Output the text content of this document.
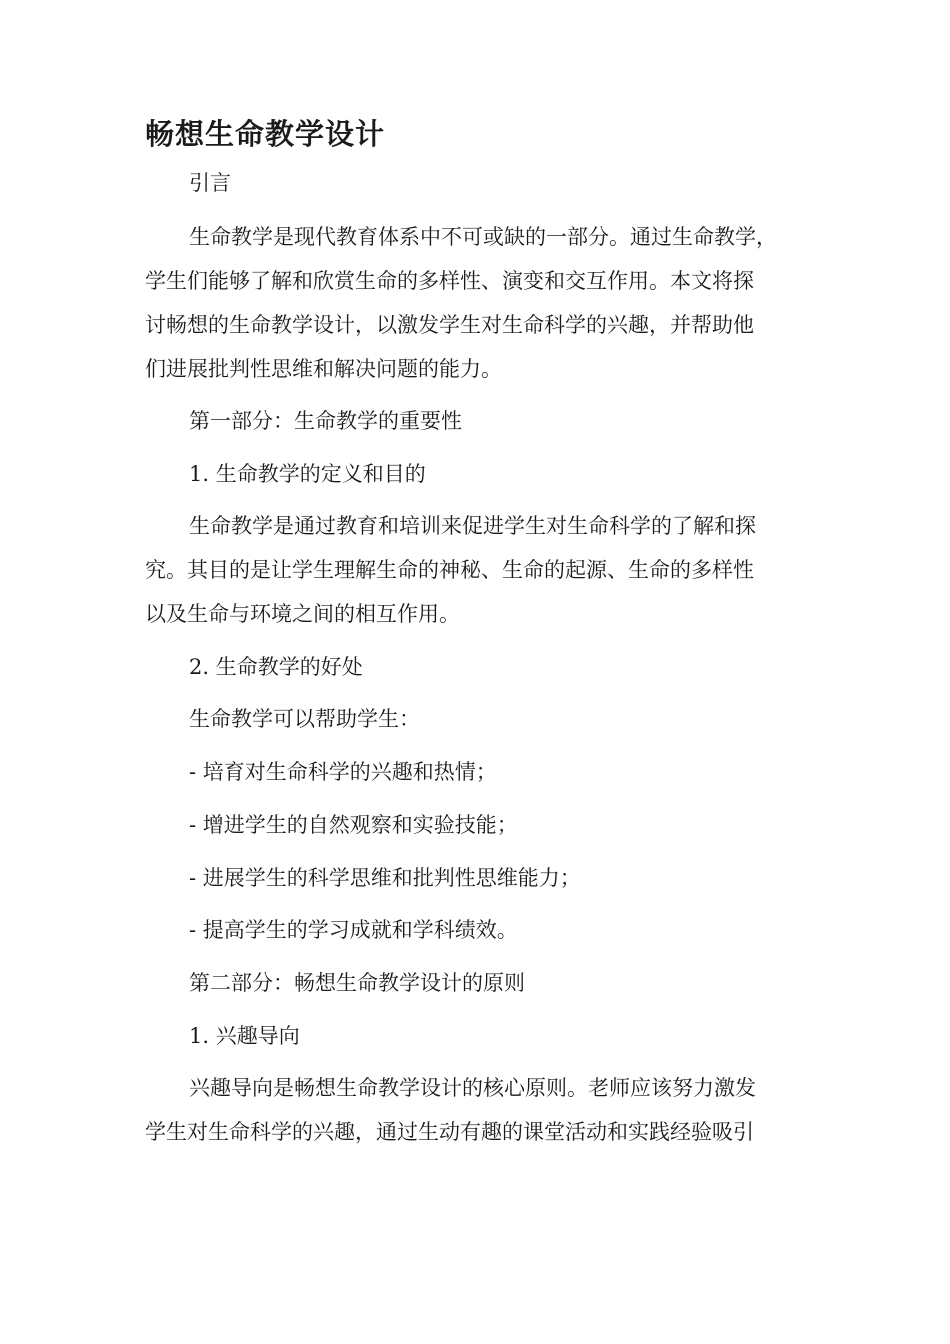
畅想生命教学设计
引言
生命教学是现代教育体系中不可或缺的一部分。通过生命教学，
学生们能够了解和欣赏生命的多样性、演变和交互作用。本文将探
讨畅想的生命教学设计，以激发学生对生命科学的兴趣，并帮助他
们进展批判性思维和解决问题的能力。
第一部分：生命教学的重要性
1. 生命教学的定义和目的
生命教学是通过教育和培训来促进学生对生命科学的了解和探
究。其目的是让学生理解生命的神秘、生命的起源、生命的多样性
以及生命与环境之间的相互作用。
2. 生命教学的好处
生命教学可以帮助学生：
- 培育对生命科学的兴趣和热情；
- 增进学生的自然观察和实验技能；
- 进展学生的科学思维和批判性思维能力；
- 提高学生的学习成就和学科绩效。
第二部分：畅想生命教学设计的原则
1. 兴趣导向
兴趣导向是畅想生命教学设计的核心原则。老师应该努力激发
学生对生命科学的兴趣，通过生动有趣的课堂活动和实践经验吸引
